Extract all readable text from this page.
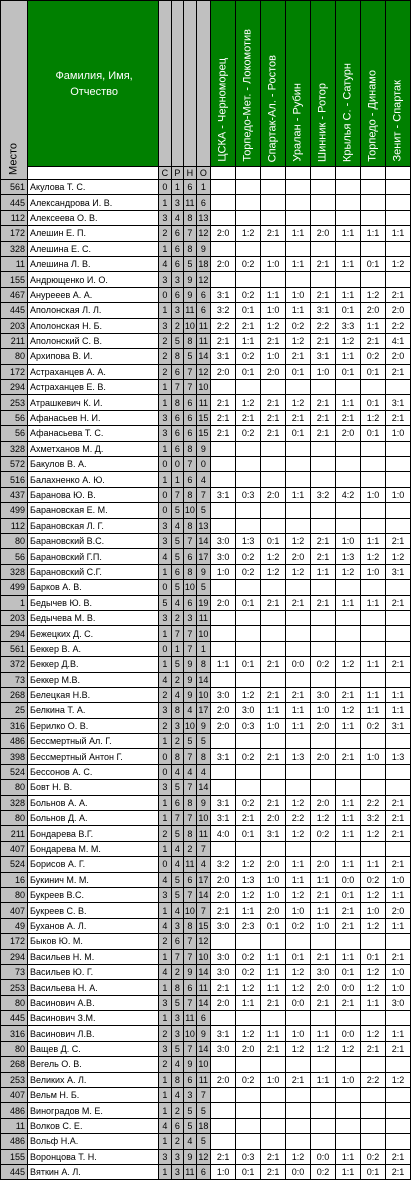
Место	Фамилия, Имя, Отчество					ЦСКА - Черноморец	Торпедо-Мет. - Локомотив	Спартак-Ал. - Ростов	Уралан - Рубин	Шинник - Ротор	Крылья С. - Сатурн	Торпедо - Динамо	Зенит - Спартак

		С	Р	Н	О								
561	Акулова Т. С.	0	1	6	1								
445	Александрова И. В.	1	3	11	6								
112	Алексеева О. В.	3	4	8	13								
172	Алешин Е. П.	2	6	7	12	2:0	1:2	2:1	1:1	2:0	1:1	1:1	1:1
328	Алешина Е. С.	1	6	8	9								
11	Алешина Л. В.	4	6	5	18	2:0	0:2	1:0	1:1	2:1	1:1	0:1	1:2
155	Андрющенко И. О.	3	3	9	12								
467	Анурееев А. А.	0	6	9	6	3:1	0:2	1:1	1:0	2:1	1:1	1:2	2:1
445	Аполонская Л. Л.	1	3	11	6	3:2	0:1	1:0	1:1	3:1	0:1	2:0	2:0
203	Аполонская Н. Б.	3	2	10	11	2:2	2:1	1:2	0:2	2:2	3:3	1:1	2:2
211	Аполонский С. В.	2	5	8	11	2:1	1:1	2:1	1:2	2:1	1:2	2:1	4:1
80	Архипова В. И.	2	8	5	14	3:1	0:2	1:0	2:1	3:1	1:1	0:2	2:0
172	Астраханцев А. А.	2	6	7	12	2:0	0:1	2:0	0:1	1:0	0:1	0:1	2:1
294	Астраханцев Е. В.	1	7	7	10								
253	Атрашкевич К. И.	1	8	6	11	2:1	1:2	2:1	1:2	2:1	1:1	0:1	3:1
56	Афанасьев Н. И.	3	6	6	15	2:1	2:1	2:1	2:1	2:1	2:1	1:2	2:1
56	Афанасьева Т. С.	3	6	6	15	2:1	0:2	2:1	0:1	2:1	2:0	0:1	1:0
328	Ахметханов М. Д.	1	6	8	9								
572	Бакулов В. А.	0	0	7	0								
516	Балахненко А. Ю.	1	1	6	4								
437	Баранова Ю. В.	0	7	8	7	3:1	0:3	2:0	1:1	3:2	4:2	1:0	1:0
499	Барановская Е. М.	0	5	10	5								
112	Барановская Л. Г.	3	4	8	13								
80	Барановский В.С.	3	5	7	14	3:0	1:3	0:1	1:2	2:1	1:0	1:1	2:1
56	Барановский Г.П.	4	5	6	17	3:0	0:2	1:2	2:0	2:1	1:3	1:2	1:2
328	Барановский С.Г.	1	6	8	9	1:0	0:2	1:2	1:2	1:1	1:2	1:0	3:1
499	Барков А. В.	0	5	10	5								
1	Бедычев Ю. В.	5	4	6	19	2:0	0:1	2:1	2:1	2:1	1:1	1:1	2:1
203	Бедычева М. В.	3	2	3	11								
294	Бежецких Д. С.	1	7	7	10								
561	Беккер В. А.	0	1	7	1								
372	Беккер Д.В.	1	5	9	8	1:1	0:1	2:1	0:0	0:2	1:2	1:1	2:1
73	Беккер М.В.	4	2	9	14								
268	Белецкая Н.В.	2	4	9	10	3:0	1:2	2:1	2:1	3:0	2:1	1:1	1:1
25	Белкина Т. А.	3	8	4	17	2:0	3:0	1:1	1:1	1:0	1:2	1:1	1:1
316	Берилко О. В.	2	3	10	9	2:0	0:3	1:0	1:1	2:0	1:1	0:2	3:1
486	Бессмертный Ал. Г.	1	2	5	5								
398	Бессмертный Антон Г.	0	8	7	8	3:1	0:2	2:1	1:3	2:0	2:1	1:0	1:3
524	Бессонов А. С.	0	4	4	4								
80	Бовт Н. В.	3	5	7	14								
328	Больнов А. А.	1	6	8	9	3:1	0:2	2:1	1:2	2:0	1:1	2:2	2:1
80	Больнов Д. А.	1	7	7	10	3:1	2:1	2:0	2:2	1:2	1:1	3:2	2:1
211	Бондарева В.Г.	2	5	8	11	4:0	0:1	3:1	1:2	0:2	1:1	1:2	2:1
407	Бондарева М. М.	1	4	2	7								
524	Борисов А. Г.	0	4	11	4	3:2	1:2	2:0	1:1	2:0	1:1	1:1	2:1
16	Букинич М. М.	4	5	6	17	2:0	1:3	1:0	1:1	1:1	0:0	0:2	1:0
80	Букреев В.С.	3	5	7	14	2:0	1:2	1:0	1:2	2:1	0:1	1:2	1:1
407	Букреев С. В.	1	4	10	7	2:1	1:1	2:0	1:0	1:1	2:1	1:0	2:0
49	Буханов А. Л.	4	3	8	15	3:0	2:3	0:1	0:2	1:0	2:1	1:2	1:1
172	Быков Ю. М.	2	6	7	12								
294	Васильев Н. М.	1	7	7	10	3:0	0:2	1:1	0:1	2:1	1:1	0:1	2:1
73	Васильев Ю. Г.	4	2	9	14	3:0	0:2	1:1	1:2	3:0	0:1	1:2	1:0
253	Васильева Н. А.	1	8	6	11	2:1	1:2	1:1	1:2	2:0	0:0	1:2	1:0
80	Васинович А.В.	3	5	7	14	2:0	1:1	2:1	0:0	2:1	2:1	1:1	3:0
445	Васинович З.М.	1	3	11	6								
316	Васинович Л.В.	2	3	10	9	3:1	1:2	1:1	1:0	1:1	0:0	1:2	1:1
80	Ващев Д. С.	3	5	7	14	3:0	2:0	2:1	1:2	1:2	1:2	2:1	2:1
268	Вегель О. В.	2	4	9	10								
253	Великих А. Л.	1	8	6	11	2:0	0:2	1:0	2:1	1:1	1:0	2:2	1:2
407	Вельм Н. Б.	1	4	3	7								
486	Виноградов М. Е.	1	2	5	5								
11	Волков С. Е.	4	6	5	18								
486	Вольф Н.А.	1	2	4	5								
155	Воронцова Т. Н.	3	3	9	12	2:1	0:3	2:1	1:2	0:0	1:1	0:2	2:1
445	Вяткин А. Л.	1	3	11	6	1:0	0:1	2:1	0:0	0:2	1:1	0:1	2:1
